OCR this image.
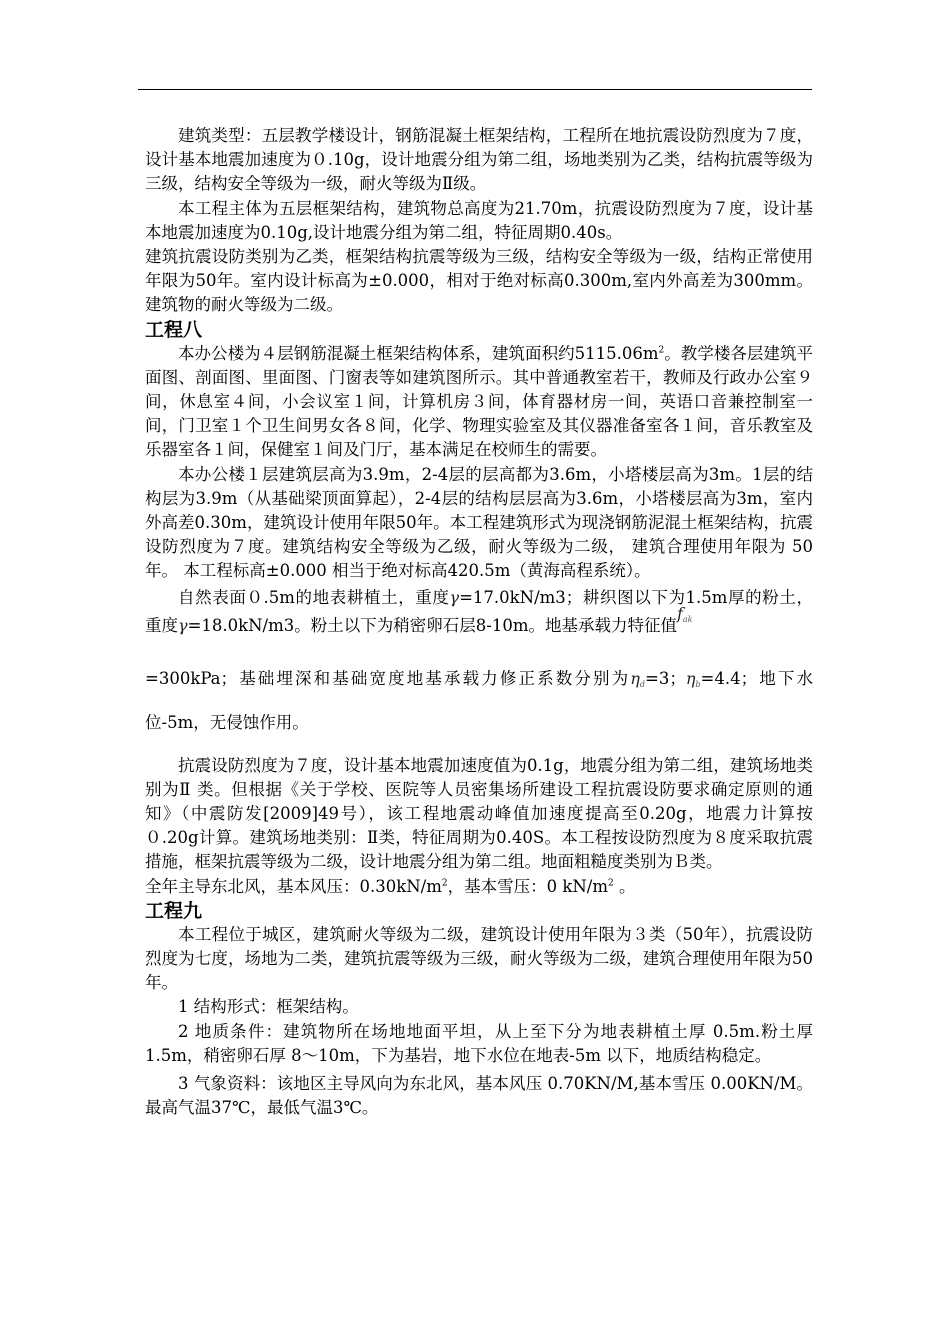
建筑类型：五层教学楼设计，钢筋混凝土框架结构，工程所在地抗震设防烈度为７度，设计基本地震加速度为０.10g，设计地震分组为第二组，场地类别为乙类，结构抗震等级为三级，结构安全等级为一级，耐火等级为Ⅱ级。

本工程主体为五层框架结构，建筑物总高度为21.70m，抗震设防烈度为７度，设计基本地震加速度为0.10g,设计地震分组为第二组，特征周期0.40s。

建筑抗震设防类别为乙类，框架结构抗震等级为三级，结构安全等级为一级，结构正常使用年限为50年。室内设计标高为±0.000，相对于绝对标高0.300m,室内外高差为300mm。建筑物的耐火等级为二级。

工程八

本办公楼为４层钢筋混凝土框架结构体系，建筑面积约$5115.06m^2$。教学楼各层建筑平面图、剖面图、里面图、门窗表等如建筑图所示。其中普通教室若干，教师及行政办公室９间，休息室４间，小会议室１间，计算机房３间，体育器材房一间，英语口音兼控制室一间，门卫室１个卫生间男女各８间，化学、物理实验室及其仪器准备室各１间，音乐教室及乐器室各１间，保健室１间及门厅，基本满足在校师生的需要。

本办公楼１层建筑层高为3.9m，2-4层的层高都为3.6m，小塔楼层高为3m。1层的结构层为3.9m（从基础梁顶面算起），2-4层的结构层层高为3.6m，小塔楼层高为3m，室内外高差0.30m，建筑设计使用年限50年。本工程建筑形式为现浇钢筋泥混土框架结构，抗震设防烈度为７度。建筑结构安全等级为乙级，耐火等级为二级， 建筑合理使用年限为 50 年。 本工程标高±0.000 相当于绝对标高420.5m（黄海高程系统）。

自然表面０.5m的地表耕植土，重度γ=17.0kN/m3；耕织图以下为1.5m厚的粉土，重度γ=18.0kN/m3。粉土以下为稍密卵石层8-10m。地基承载力特征值$f_{ak}$

=300kPa；基础埋深和基础宽度地基承载力修正系数分别为$\eta_d=3$；$\eta_b=4.4$；地下水位-5m，无侵蚀作用。

抗震设防烈度为７度，设计基本地震加速度值为0.1g，地震分组为第二组，建筑场地类别为Ⅱ 类。但根据《关于学校、医院等人员密集场所建设工程抗震设防要求确定原则的通知》（中震防发[2009]49号），该工程地震动峰值加速度提高至0.20g，地震力计算按０.20g计算。建筑场地类别：Ⅱ类，特征周期为0.40S。本工程按设防烈度为８度采取抗震措施，框架抗震等级为二级，设计地震分组为第二组。地面粗糙度类别为Ｂ类。

全年主导东北风，基本风压：$0.30kN/m^2$，基本雪压：0 $kN/m^2$ 。

工程九

本工程位于城区，建筑耐火等级为二级，建筑设计使用年限为３类（50年），抗震设防烈度为七度，场地为二类，建筑抗震等级为三级，耐火等级为二级，建筑合理使用年限为50年。

1 结构形式：框架结构。

2 地质条件：建筑物所在场地地面平坦，从上至下分为地表耕植土厚 0.5m.粉土厚 1.5m，稍密卵石厚 8～10m，下为基岩，地下水位在地表-5m 以下，地质结构稳定。

3 气象资料：该地区主导风向为东北风，基本风压 0.70KN/M,基本雪压 0.00KN/M。最高气温37℃，最低气温3℃。
